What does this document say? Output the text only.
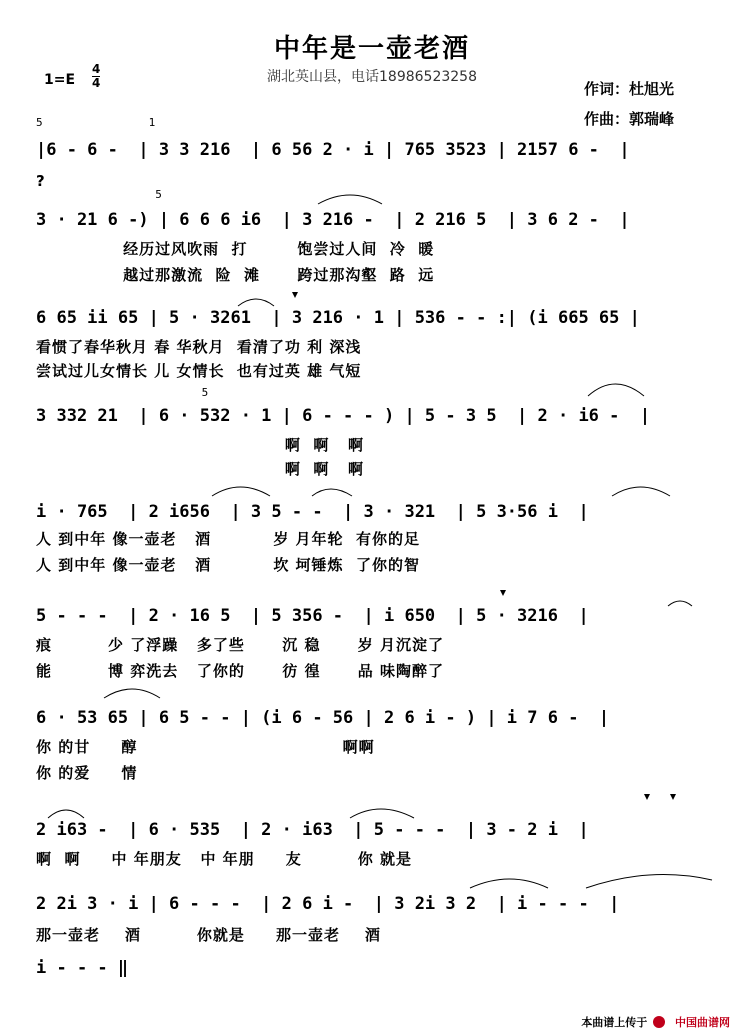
中年是一壶老酒
湖北英山县，电话18986523258
1=E
4
4	作词：杜旭光
作曲：郭瑞峰
5                1
|6 - 6 -  | 3 3 216  | 6 56 2 · i | 765 3523 | 2157 6 -  |
?
5
3 · 21 6 -) | 6 6 6 i6  | 3 216 -  | 2 216 5  | 3 6 2 -  |
经历过风吹雨  打        饱尝过人间  冷  暖
越过那激流  险  滩      跨过那沟壑  路  远
6 65 ii 65 | 5 · 3261  | 3 216 · 1 | 536 - - :| (i 665 65 |
看惯了春华秋月 春 华秋月  看清了功 利 深浅
尝试过儿女情长 儿 女情长  也有过英 雄 气短
5
3 332 21  | 6 · 532 · 1 | 6 - - - ) | 5 - 3 5  | 2 · i6 -  |
啊  啊   啊
啊  啊   啊
i · 765  | 2 i656  | 3 5 - -  | 3 · 321  | 5 3·56 i  |
人 到中年 像一壶老   酒          岁 月年轮  有你的足
人 到中年 像一壶老   酒          坎 坷锤炼  了你的智
5 - - -  | 2 · 16 5  | 5 356 -  | i 650  | 5 · 3216  |
痕         少 了浮躁   多了些      沉 稳      岁 月沉淀了
能         博 弈洗去   了你的      彷 徨      品 味陶醉了
6 · 53 65 | 6 5 - - | (i 6 - 56 | 2 6 i - ) | i 7 6 -  |
你 的甘     醇                                 啊啊
你 的爱     情
2 i63 -  | 6 · 535  | 2 · i63  | 5 - - -  | 3 - 2 i  |
啊  啊     中 年朋友   中 年朋     友         你 就是
2 2i 3 · i | 6 - - -  | 2 6 i -  | 3 2i 3 2  | i - - -  |
那一壶老    酒         你就是     那一壶老    酒
i - - - ‖
本曲谱上传于	中国曲谱网
